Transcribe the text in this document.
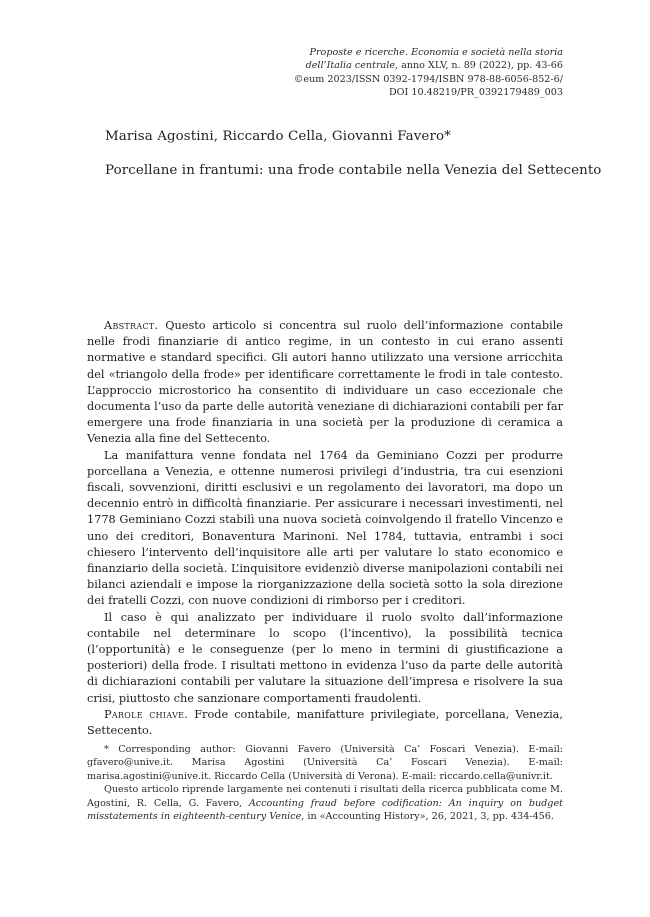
Proposte e ricerche. Economia e società nella storia
dell’Italia centrale, anno XLV, n. 89 (2022), pp. 43-66
©eum 2023/ISSN 0392-1794/ISBN 978-88-6056-852-6/
DOI 10.48219/PR_0392179489_003
Marisa Agostini, Riccardo Cella, Giovanni Favero*
Porcellane in frantumi: una frode contabile nella Venezia del Settecento

Abstract. Questo articolo si concentra sul ruolo dell’informazione contabile nelle frodi finanziarie di antico regime, in un contesto in cui erano assenti normative e standard specifici. Gli autori hanno utilizzato una versione arricchita del «triangolo della frode» per identificare correttamente le frodi in tale contesto. L’approccio microstorico ha consentito di individuare un caso eccezionale che documenta l’uso da parte delle autorità veneziane di dichiarazioni contabili per far emergere una frode finanziaria in una società per la produzione di ceramica a Venezia alla fine del Settecento.

La manifattura venne fondata nel 1764 da Geminiano Cozzi per produrre porcellana a Venezia, e ottenne numerosi privilegi d’industria, tra cui esenzioni fiscali, sovvenzioni, diritti esclusivi e un regolamento dei lavoratori, ma dopo un decennio entrò in difficoltà finanziarie. Per assicurare i necessari investimenti, nel 1778 Geminiano Cozzi stabilì una nuova società coinvolgendo il fratello Vincenzo e uno dei creditori, Bonaventura Marinoni. Nel 1784, tuttavia, entrambi i soci chiesero l’intervento dell’inquisitore alle arti per valutare lo stato economico e finanziario della società. L’inquisitore evidenziò diverse manipolazioni contabili nei bilanci aziendali e impose la riorganizzazione della società sotto la sola direzione dei fratelli Cozzi, con nuove condizioni di rimborso per i creditori.

Il caso è qui analizzato per individuare il ruolo svolto dall’informazione contabile nel determinare lo scopo (l’incentivo), la possibilità tecnica (l’opportunità) e le conseguenze (per lo meno in termini di giustificazione a posteriori) della frode. I risultati mettono in evidenza l’uso da parte delle autorità di dichiarazioni contabili per valutare la situazione dell’impresa e risolvere la sua crisi, piuttosto che sanzionare comportamenti fraudolenti.

Parole chiave. Frode contabile, manifatture privilegiate, porcellana, Venezia, Settecento.

* Corresponding author: Giovanni Favero (Università Ca’ Foscari Venezia). E-mail: gfavero@unive.it. Marisa Agostini (Università Ca’ Foscari Venezia). E-mail: marisa.agostini@unive.it. Riccardo Cella (Università di Verona). E-mail: riccardo.cella@univr.it.

Questo articolo riprende largamente nei contenuti i risultati della ricerca pubblicata come M. Agostini, R. Cella, G. Favero, Accounting fraud before codification: An inquiry on budget misstatements in eighteenth-century Venice, in «Accounting History», 26, 2021, 3, pp. 434-456.
